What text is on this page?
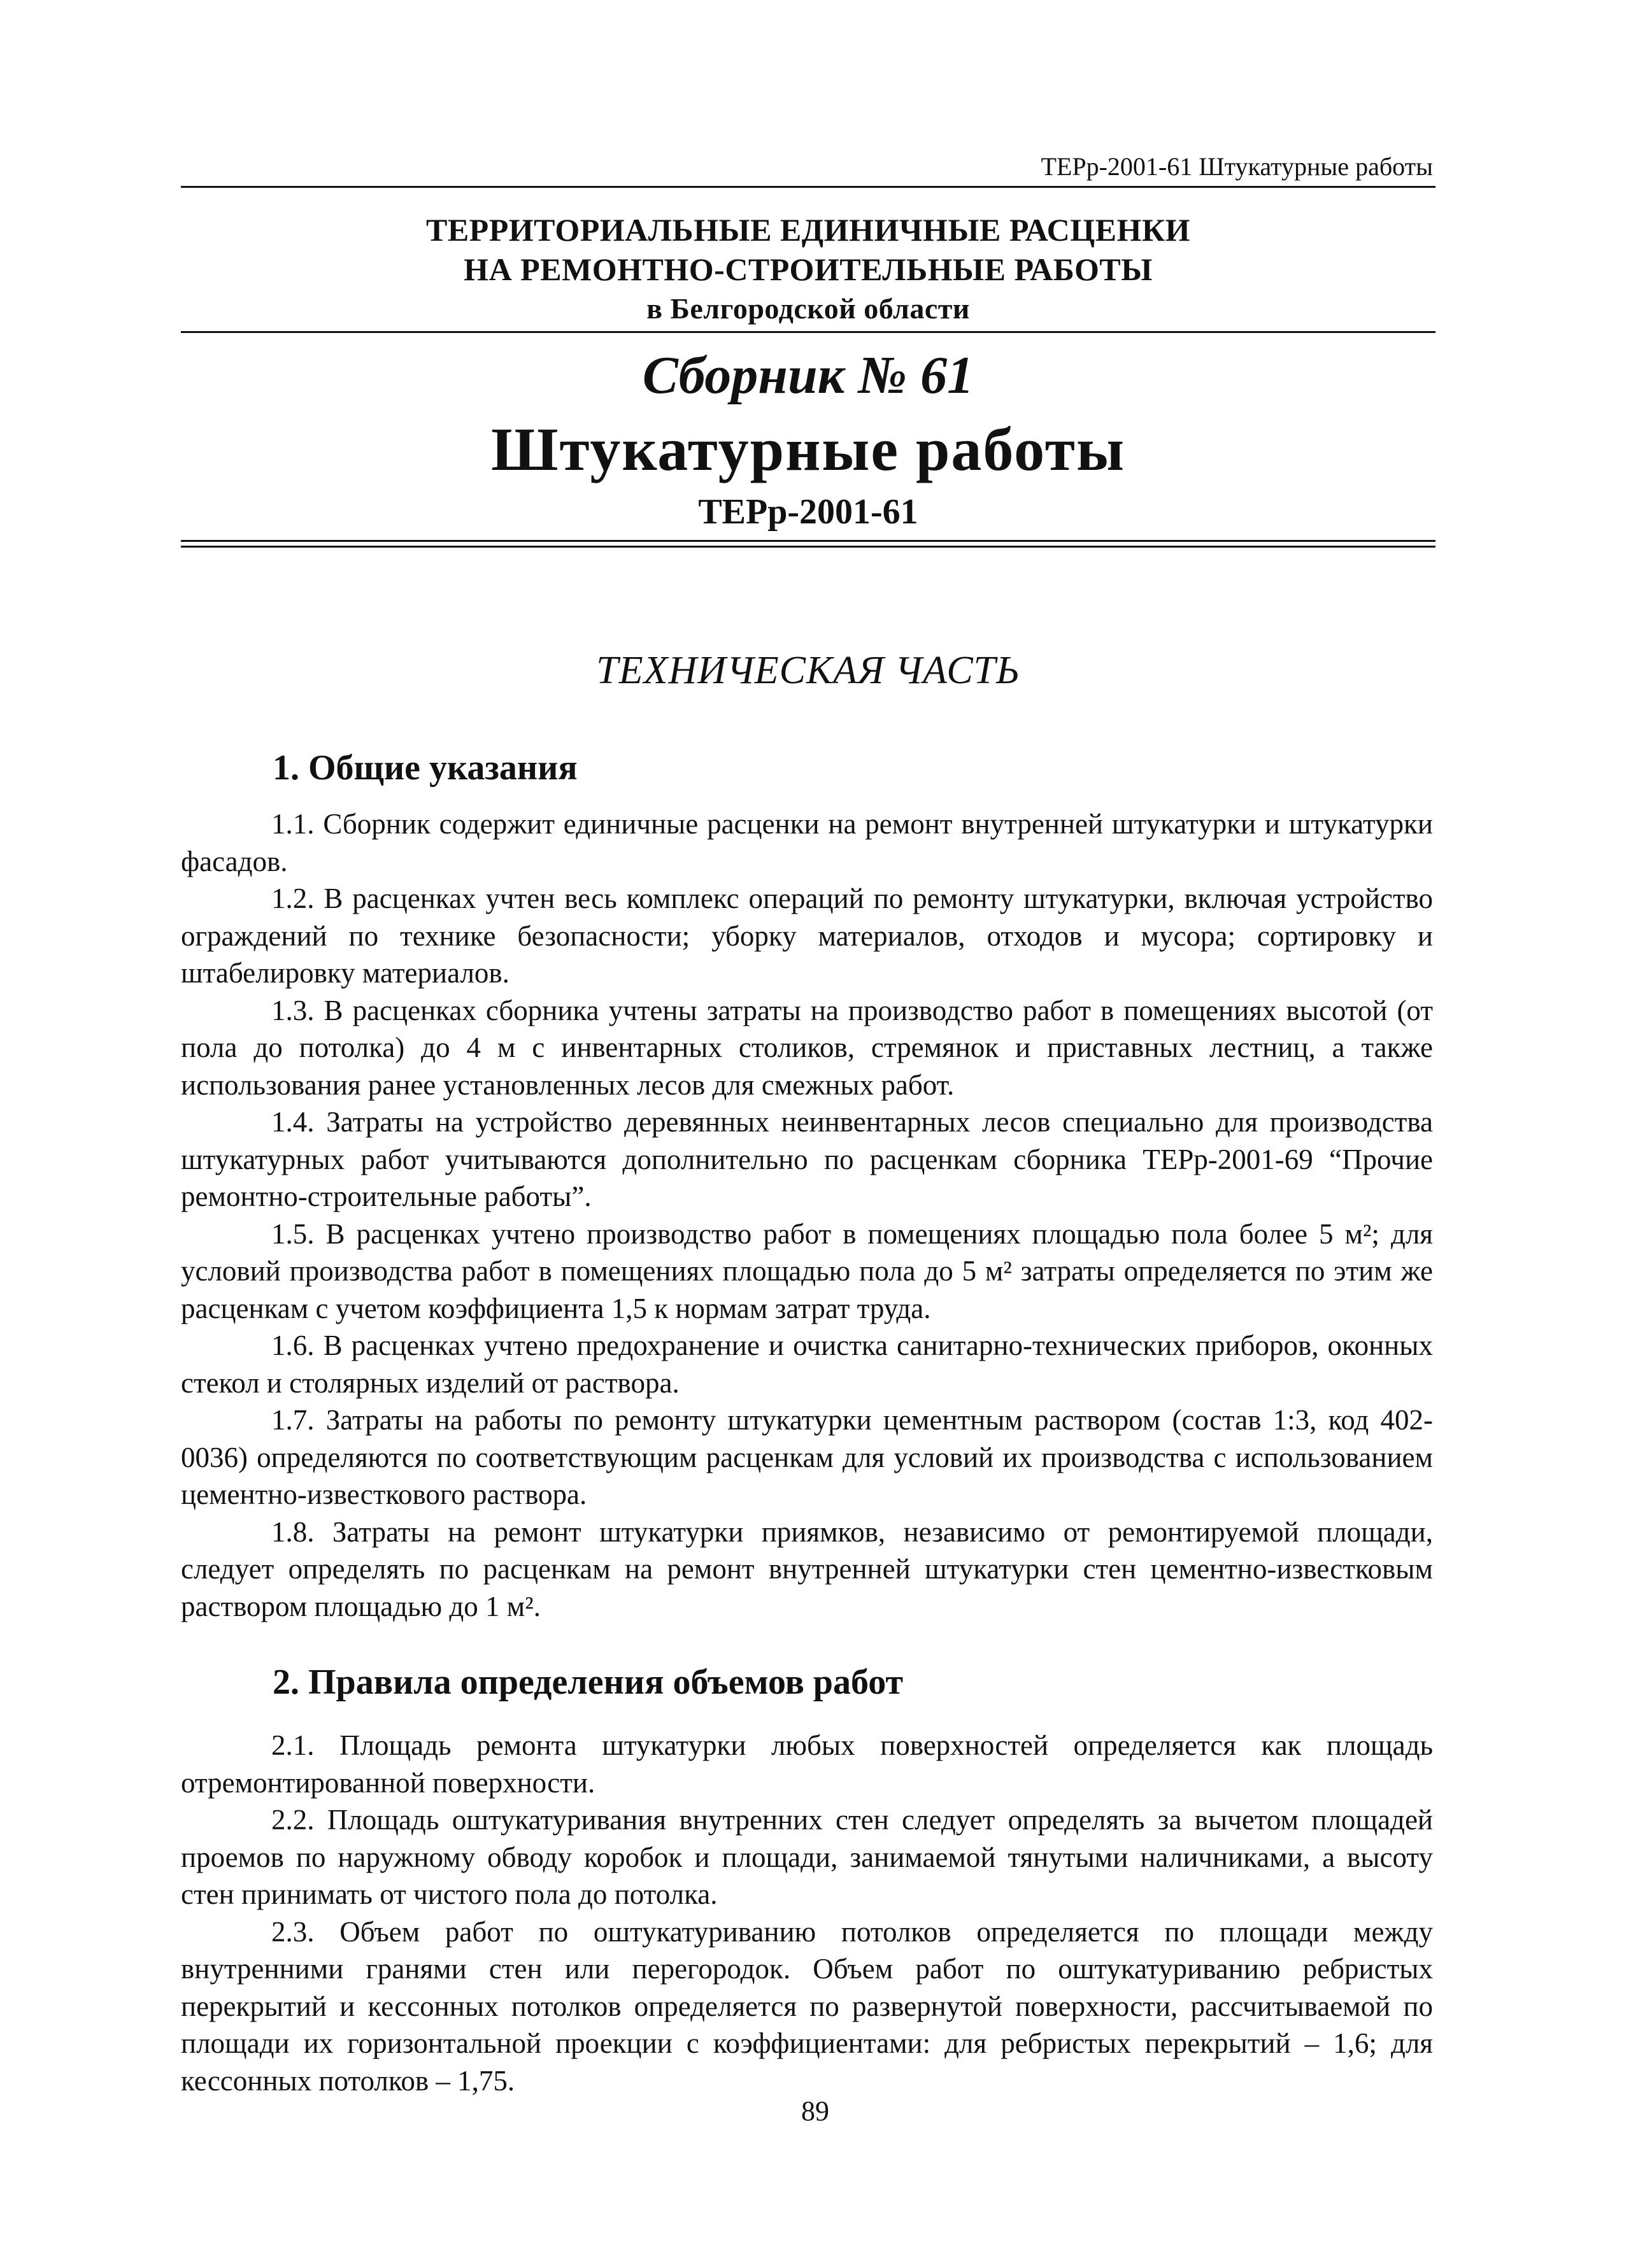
ТЕРр-2001-61 Штукатурные работы
ТЕРРИТОРИАЛЬНЫЕ ЕДИНИЧНЫЕ РАСЦЕНКИ
НА РЕМОНТНО-СТРОИТЕЛЬНЫЕ РАБОТЫ
в Белгородской области
Сборник № 61
Штукатурные работы
ТЕРр-2001-61
ТЕХНИЧЕСКАЯ ЧАСТЬ
1. Общие указания

1.1. Сборник содержит единичные расценки на ремонт внутренней штукатурки и штукатурки фасадов.

1.2. В расценках учтен весь комплекс операций по ремонту штукатурки, включая устройство ограждений по технике безопасности; уборку материалов, отходов и мусора; сортировку и штабелировку материалов.

1.3. В расценках сборника учтены затраты на производство работ в помещениях высотой (от пола до потолка) до 4 м с инвентарных столиков, стремянок и приставных лестниц, а также использования ранее установленных лесов для смежных работ.

1.4. Затраты на устройство деревянных неинвентарных лесов специально для производства штукатурных работ учитываются дополнительно по расценкам сборника ТЕРр-2001-69 “Прочие ремонтно-строительные работы”.

1.5. В расценках учтено производство работ в помещениях площадью пола более 5 м²; для условий производства работ в помещениях площадью пола до 5 м² затраты определяется по этим же расценкам с учетом коэффициента 1,5 к нормам затрат труда.

1.6. В расценках учтено предохранение и очистка санитарно-технических приборов, оконных стекол и столярных изделий от раствора.

1.7. Затраты на работы по ремонту штукатурки цементным раствором (состав 1:3, код 402-0036) определяются по соответствующим расценкам для условий их производства с использованием цементно-известкового раствора.

1.8. Затраты на ремонт штукатурки приямков, независимо от ремонтируемой площади, следует определять по расценкам на ремонт внутренней штукатурки стен цементно-известковым раствором площадью до 1 м².

2. Правила определения объемов работ

2.1. Площадь ремонта штукатурки любых поверхностей определяется как площадь отремонтированной поверхности.

2.2. Площадь оштукатуривания внутренних стен следует определять за вычетом площадей проемов по наружному обводу коробок и площади, занимаемой тянутыми наличниками, а высоту стен принимать от чистого пола до потолка.

2.3. Объем работ по оштукатуриванию потолков определяется по площади между внутренними гранями стен или перегородок. Объем работ по оштукатуриванию ребристых перекрытий и кессонных потолков определяется по развернутой поверхности, рассчитываемой по площади их горизонтальной проекции с коэффициентами: для ребристых перекрытий – 1,6; для кессонных потолков – 1,75.

89
